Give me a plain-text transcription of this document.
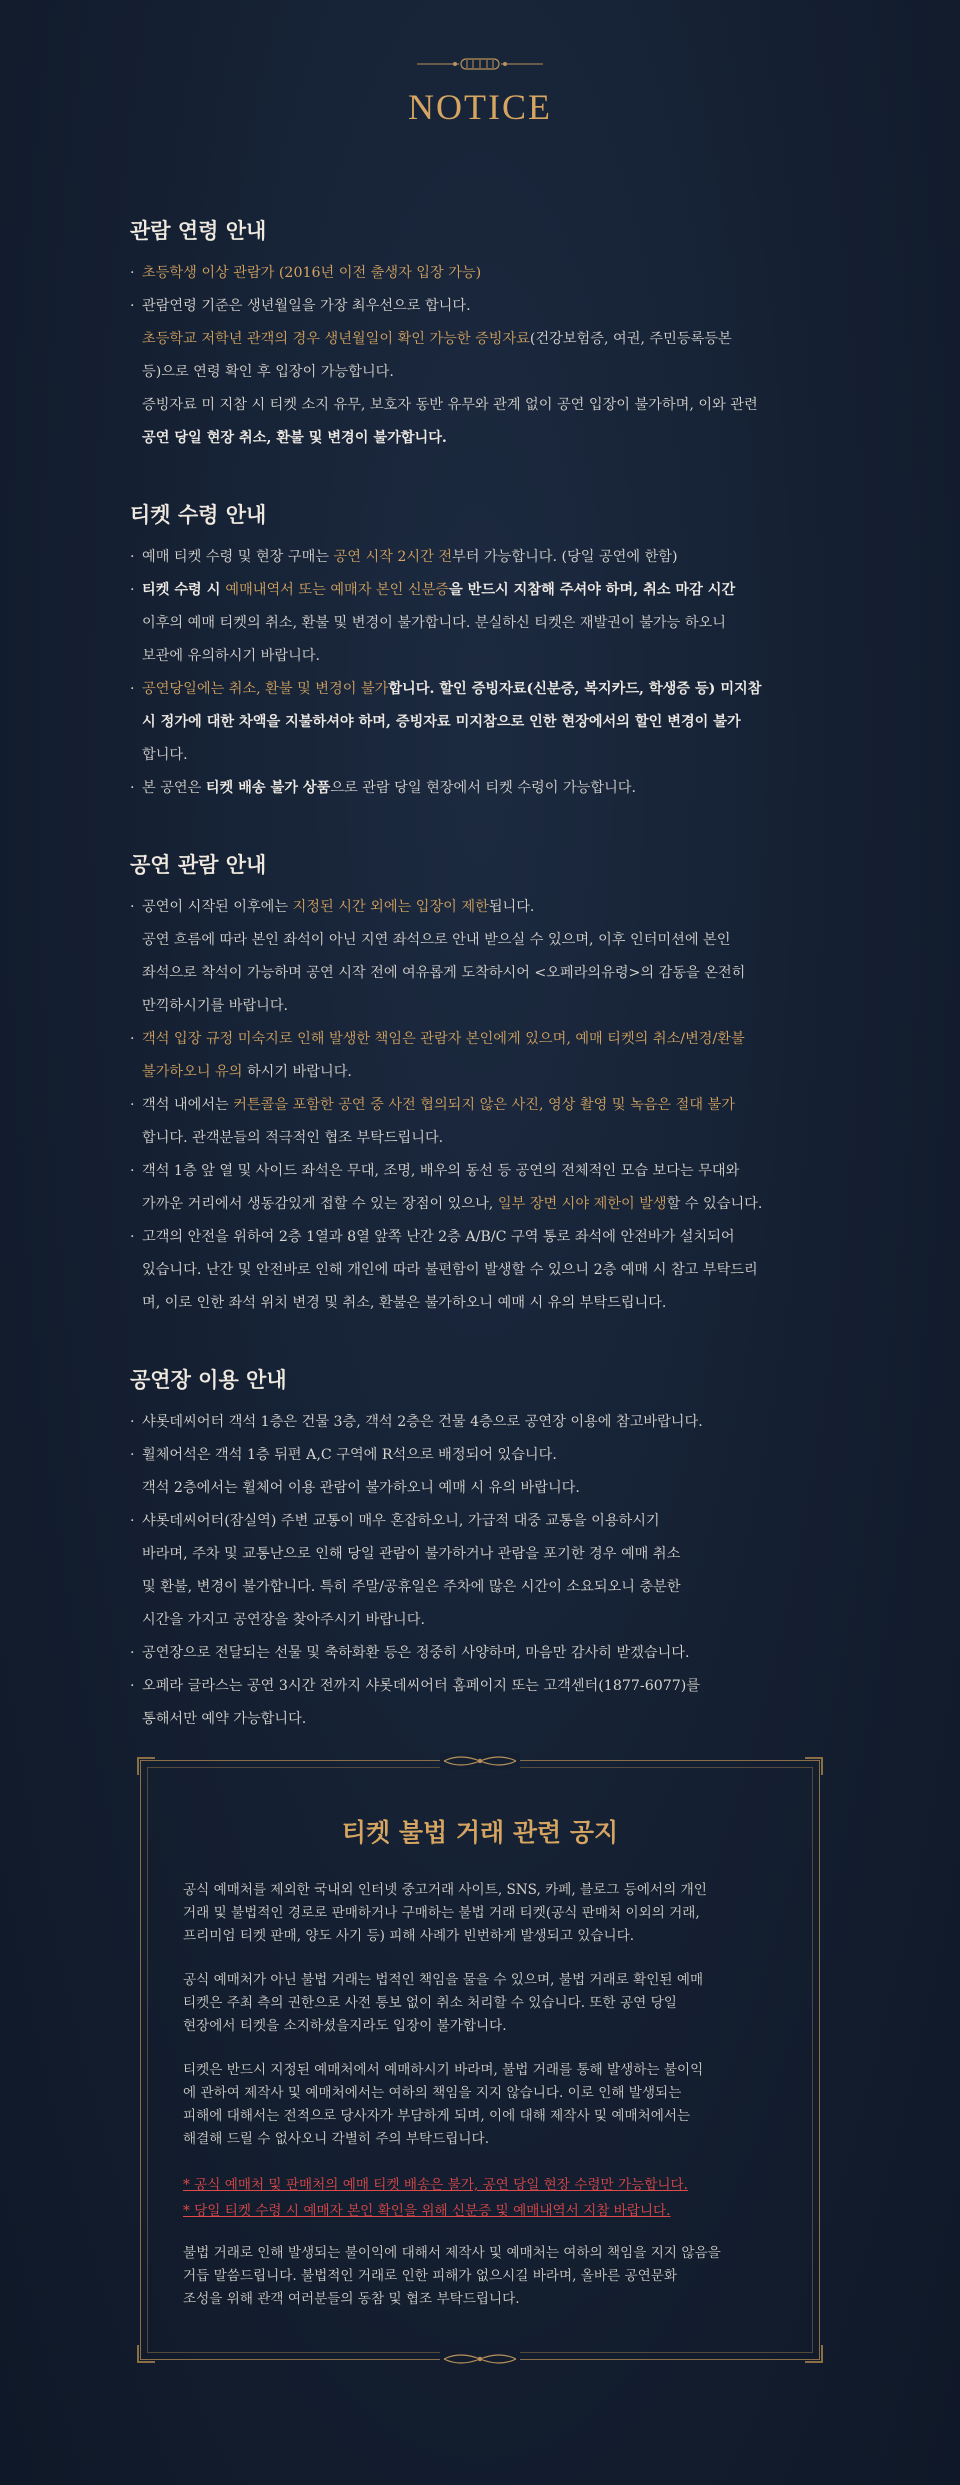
NOTICE
관람 연령 안내
· 초등학생 이상 관람가 (2016년 이전 출생자 입장 가능)
· 관람연령 기준은 생년월일을 가장 최우선으로 합니다.
초등학교 저학년 관객의 경우 생년월일이 확인 가능한 증빙자료(건강보험증, 여권, 주민등록등본
등)으로 연령 확인 후 입장이 가능합니다.
증빙자료 미 지참 시 티켓 소지 유무, 보호자 동반 유무와 관계 없이 공연 입장이 불가하며, 이와 관련
공연 당일 현장 취소, 환불 및 변경이 불가합니다.
티켓 수령 안내
· 예매 티켓 수령 및 현장 구매는 공연 시작 2시간 전부터 가능합니다. (당일 공연에 한함)
· 티켓 수령 시 예매내역서 또는 예매자 본인 신분증을 반드시 지참해 주셔야 하며, 취소 마감 시간
이후의 예매 티켓의 취소, 환불 및 변경이 불가합니다. 분실하신 티켓은 재발권이 불가능 하오니
보관에 유의하시기 바랍니다.
· 공연당일에는 취소, 환불 및 변경이 불가합니다. 할인 증빙자료(신분증, 복지카드, 학생증 등) 미지참
시 정가에 대한 차액을 지불하셔야 하며, 증빙자료 미지참으로 인한 현장에서의 할인 변경이 불가
합니다.
· 본 공연은 티켓 배송 불가 상품으로 관람 당일 현장에서 티켓 수령이 가능합니다.
공연 관람 안내
· 공연이 시작된 이후에는 지정된 시간 외에는 입장이 제한됩니다.
공연 흐름에 따라 본인 좌석이 아닌 지연 좌석으로 안내 받으실 수 있으며, 이후 인터미션에 본인
좌석으로 착석이 가능하며 공연 시작 전에 여유롭게 도착하시어 <오페라의유령>의 감동을 온전히
만끽하시기를 바랍니다.
· 객석 입장 규정 미숙지로 인해 발생한 책임은 관람자 본인에게 있으며, 예매 티켓의 취소/변경/환불
불가하오니 유의 하시기 바랍니다.
· 객석 내에서는 커튼콜을 포함한 공연 중 사전 협의되지 않은 사진, 영상 촬영 및 녹음은 절대 불가
합니다. 관객분들의 적극적인 협조 부탁드립니다.
· 객석 1층 앞 열 및 사이드 좌석은 무대, 조명, 배우의 동선 등 공연의 전체적인 모습 보다는 무대와
가까운 거리에서 생동감있게 접할 수 있는 장점이 있으나, 일부 장면 시야 제한이 발생할 수 있습니다.
· 고객의 안전을 위하여 2층 1열과 8열 앞쪽 난간 2층 A/B/C 구역 통로 좌석에 안전바가 설치되어
있습니다. 난간 및 안전바로 인해 개인에 따라 불편함이 발생할 수 있으니 2층 예매 시 참고 부탁드리
며, 이로 인한 좌석 위치 변경 및 취소, 환불은 불가하오니 예매 시 유의 부탁드립니다.
공연장 이용 안내
· 샤롯데씨어터 객석 1층은 건물 3층, 객석 2층은 건물 4층으로 공연장 이용에 참고바랍니다.
· 휠체어석은 객석 1층 뒤편 A,C 구역에 R석으로 배정되어 있습니다.
객석 2층에서는 휠체어 이용 관람이 불가하오니 예매 시 유의 바랍니다.
· 샤롯데씨어터(잠실역) 주변 교통이 매우 혼잡하오니, 가급적 대중 교통을 이용하시기
바라며, 주차 및 교통난으로 인해 당일 관람이 불가하거나 관람을 포기한 경우 예매 취소
및 환불, 변경이 불가합니다. 특히 주말/공휴일은 주차에 많은 시간이 소요되오니 충분한
시간을 가지고 공연장을 찾아주시기 바랍니다.
· 공연장으로 전달되는 선물 및 축하화환 등은 정중히 사양하며, 마음만 감사히 받겠습니다.
· 오페라 글라스는 공연 3시간 전까지 샤롯데씨어터 홈페이지 또는 고객센터(1877-6077)를
통해서만 예약 가능합니다.
티켓 불법 거래 관련 공지
공식 예매처를 제외한 국내외 인터넷 중고거래 사이트, SNS, 카페, 블로그 등에서의 개인
거래 및 불법적인 경로로 판매하거나 구매하는 불법 거래 티켓(공식 판매처 이외의 거래,
프리미엄 티켓 판매, 양도 사기 등) 피해 사례가 빈번하게 발생되고 있습니다.
공식 예매처가 아닌 불법 거래는 법적인 책임을 물을 수 있으며, 불법 거래로 확인된 예매
티켓은 주최 측의 권한으로 사전 통보 없이 취소 처리할 수 있습니다. 또한 공연 당일
현장에서 티켓을 소지하셨을지라도 입장이 불가합니다.
티켓은 반드시 지정된 예매처에서 예매하시기 바라며, 불법 거래를 통해 발생하는 불이익
에 관하여 제작사 및 예매처에서는 여하의 책임을 지지 않습니다. 이로 인해 발생되는
피해에 대해서는 전적으로 당사자가 부담하게 되며, 이에 대해 제작사 및 예매처에서는
해결해 드릴 수 없사오니 각별히 주의 부탁드립니다.
* 공식 예매처 및 판매처의 예매 티켓 배송은 불가, 공연 당일 현장 수령만 가능합니다.
* 당일 티켓 수령 시 예매자 본인 확인을 위해 신분증 및 예매내역서 지참 바랍니다.
불법 거래로 인해 발생되는 불이익에 대해서 제작사 및 예매처는 여하의 책임을 지지 않음을
거듭 말씀드립니다. 불법적인 거래로 인한 피해가 없으시길 바라며, 올바른 공연문화
조성을 위해 관객 여러분들의 동참 및 협조 부탁드립니다.
